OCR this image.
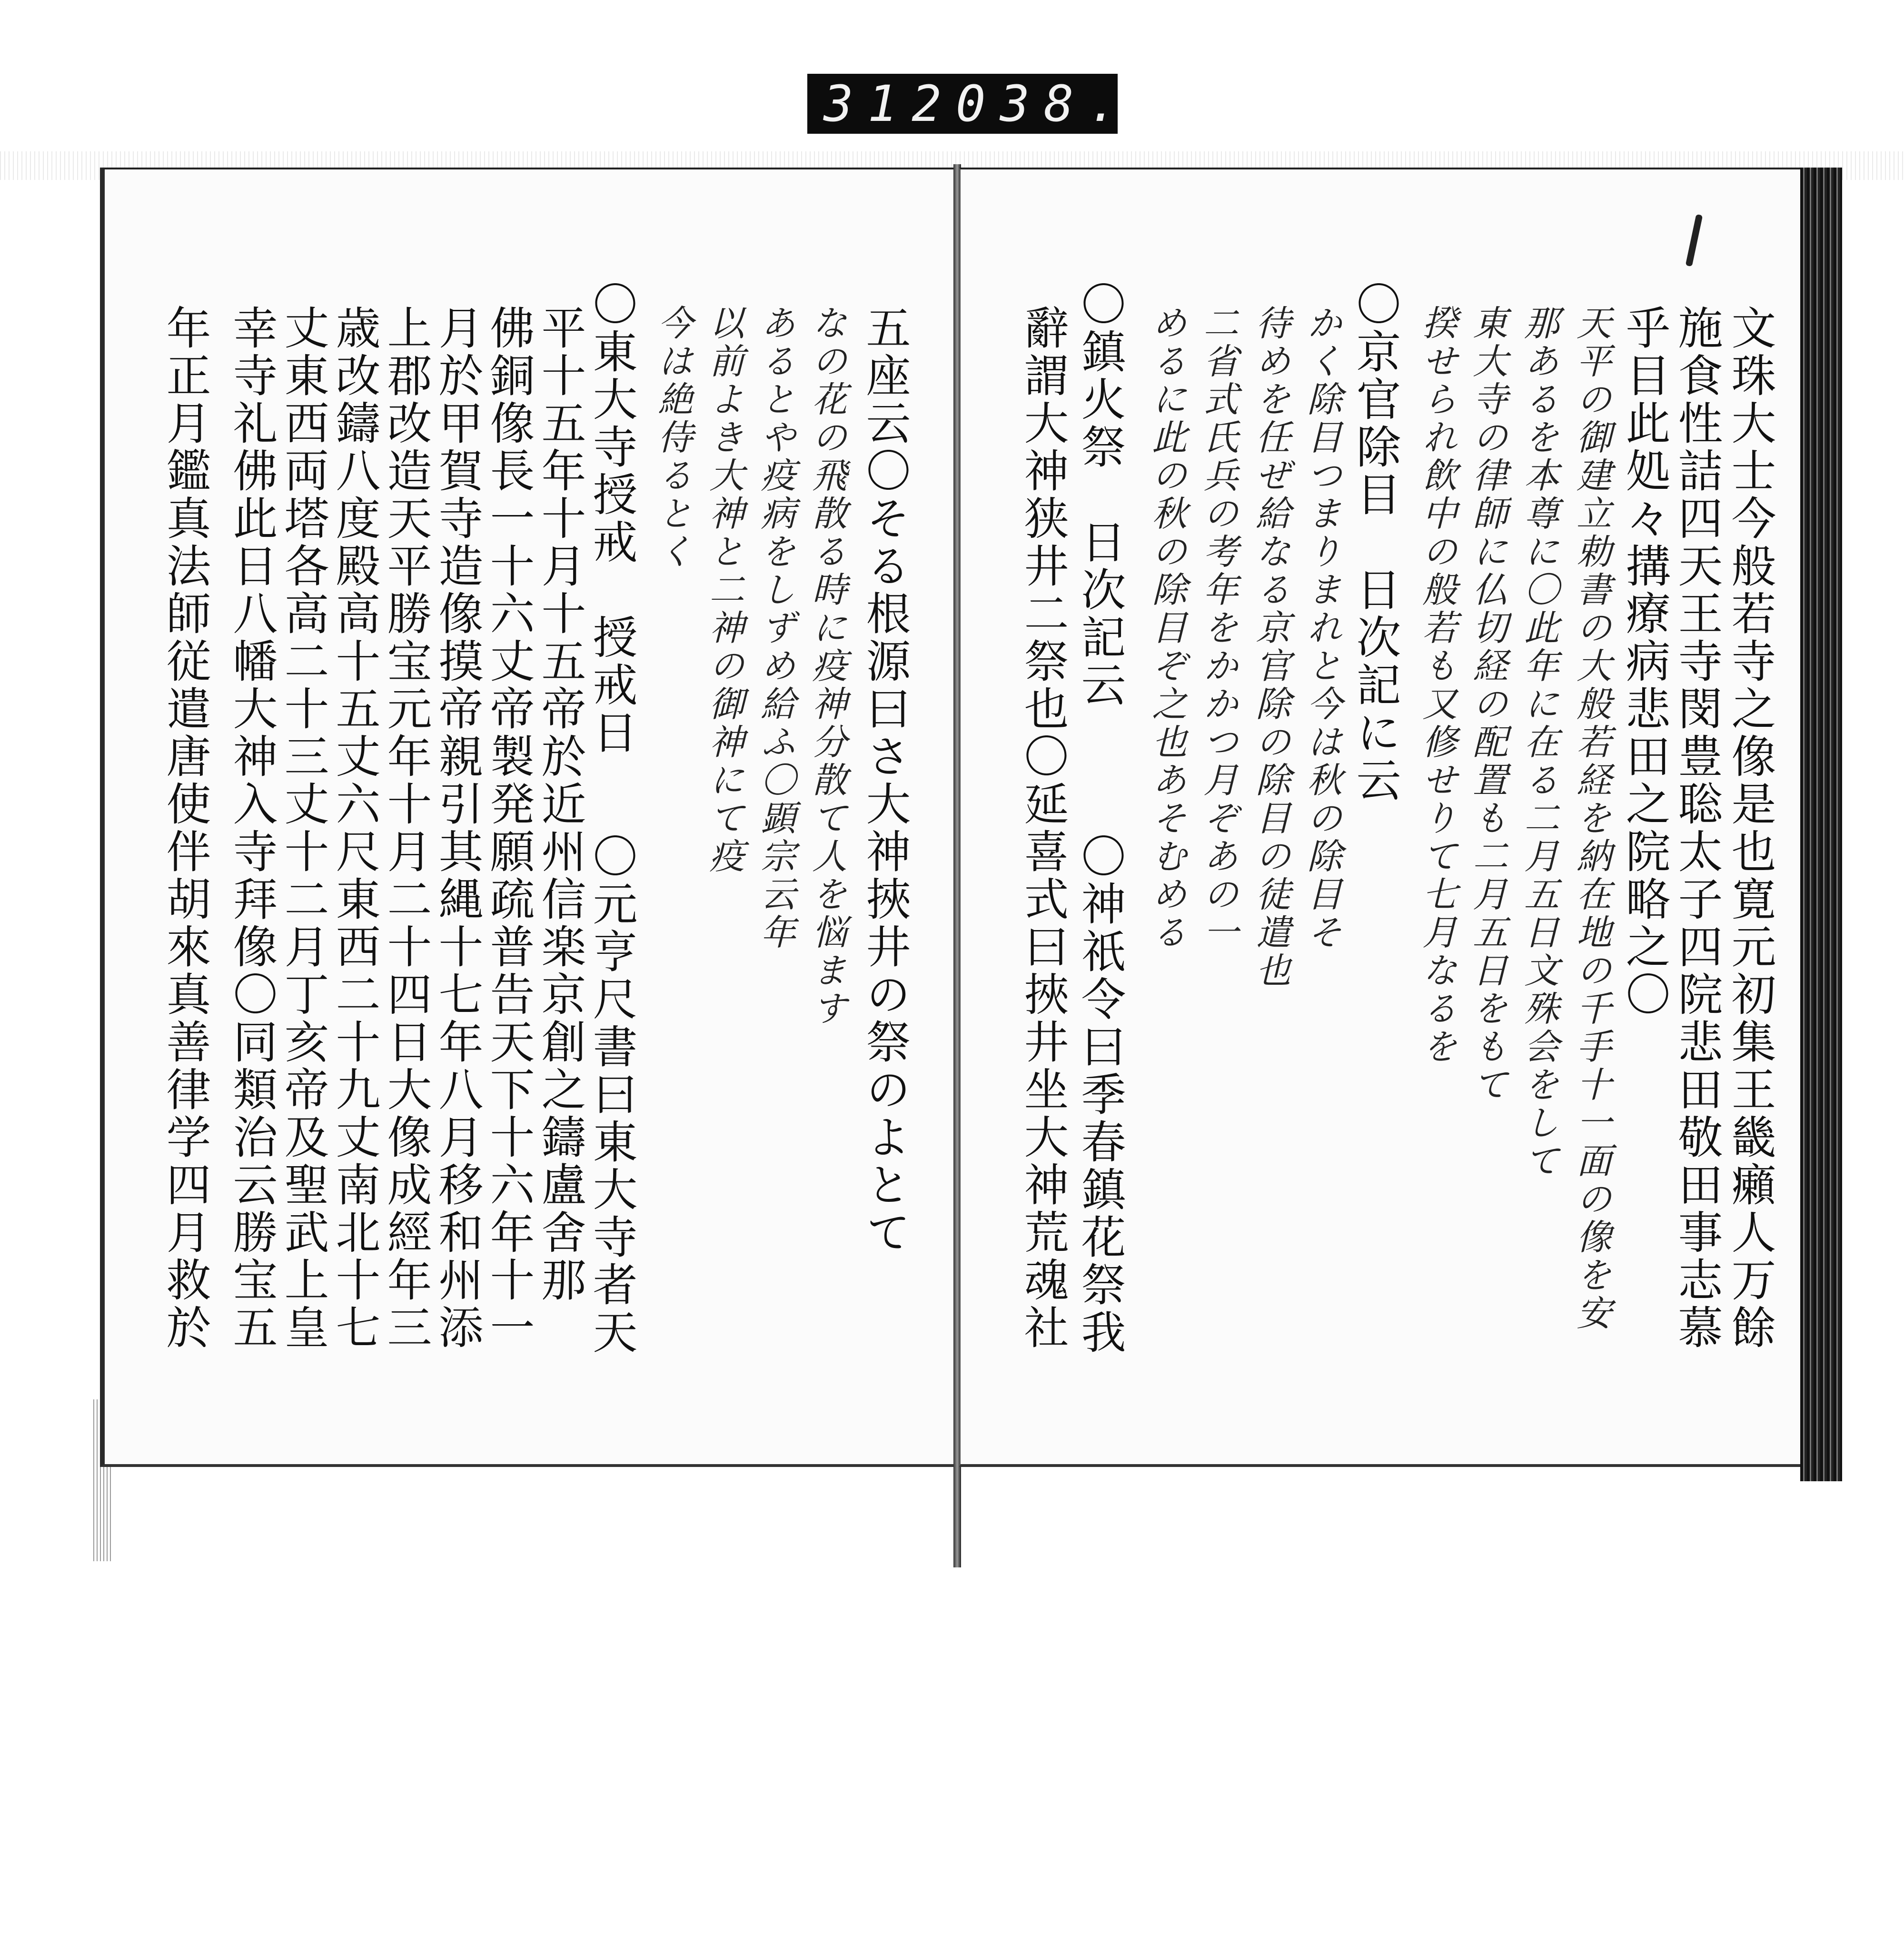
312 038.
文珠大士今般若寺之像是也寛元初集王畿癩人万餘
施食性詰四天王寺閔豊聡太子四院悲田敬田事志慕
乎目此処々搆療病悲田之院略之〇
天平の御建立勅書の大般若経を納在地の千手十一面の像を安
那あるを本尊に〇此年に在る二月五日文殊会をして
東大寺の律師に仏切経の配置も二月五日をもて
揆せられ飲中の般若も又修せりて七月なるを
〇京官除目　日次記に云
かく除目つまりまれと今は秋の除目そ
待めを任ぜ給なる京官除の除目の徒遣也
二省式氏兵の考年をかかつ月ぞあの一
めるに此の秋の除目ぞ之也あそむめる
〇鎮火祭　日次記云
辭謂大神狭井二祭也〇延喜式曰挾井坐大神荒魂社 〇神祇令曰季春鎮花祭我
五座云〇そる根源曰さ大神挾井の祭のよとて
なの花の飛散る時に疫神分散て人を悩ます
あるとや疫病をしずめ給ふ〇顕宗云年
以前よき大神と二神の御神にて疫
今は絶侍るとく
〇東大寺授戒　授戒日
〇元亨尺書曰東大寺者天
平十五年十月十五帝於近州信楽京創之鑄盧舍那
佛銅像長一十六丈帝製発願疏普告天下十六年十一
月於甲賀寺造像摸帝親引其縄十七年八月移和州添
上郡改造天平勝宝元年十月二十四日大像成經年三
歳改鑄八度殿高十五丈六尺東西二十九丈南北十七
丈東西両塔各高二十三丈十二月丁亥帝及聖武上皇
幸寺礼佛此日八幡大神入寺拜像〇同類治云勝宝五
年正月鑑真法師従遣唐使伴胡來真善律学四月救於
